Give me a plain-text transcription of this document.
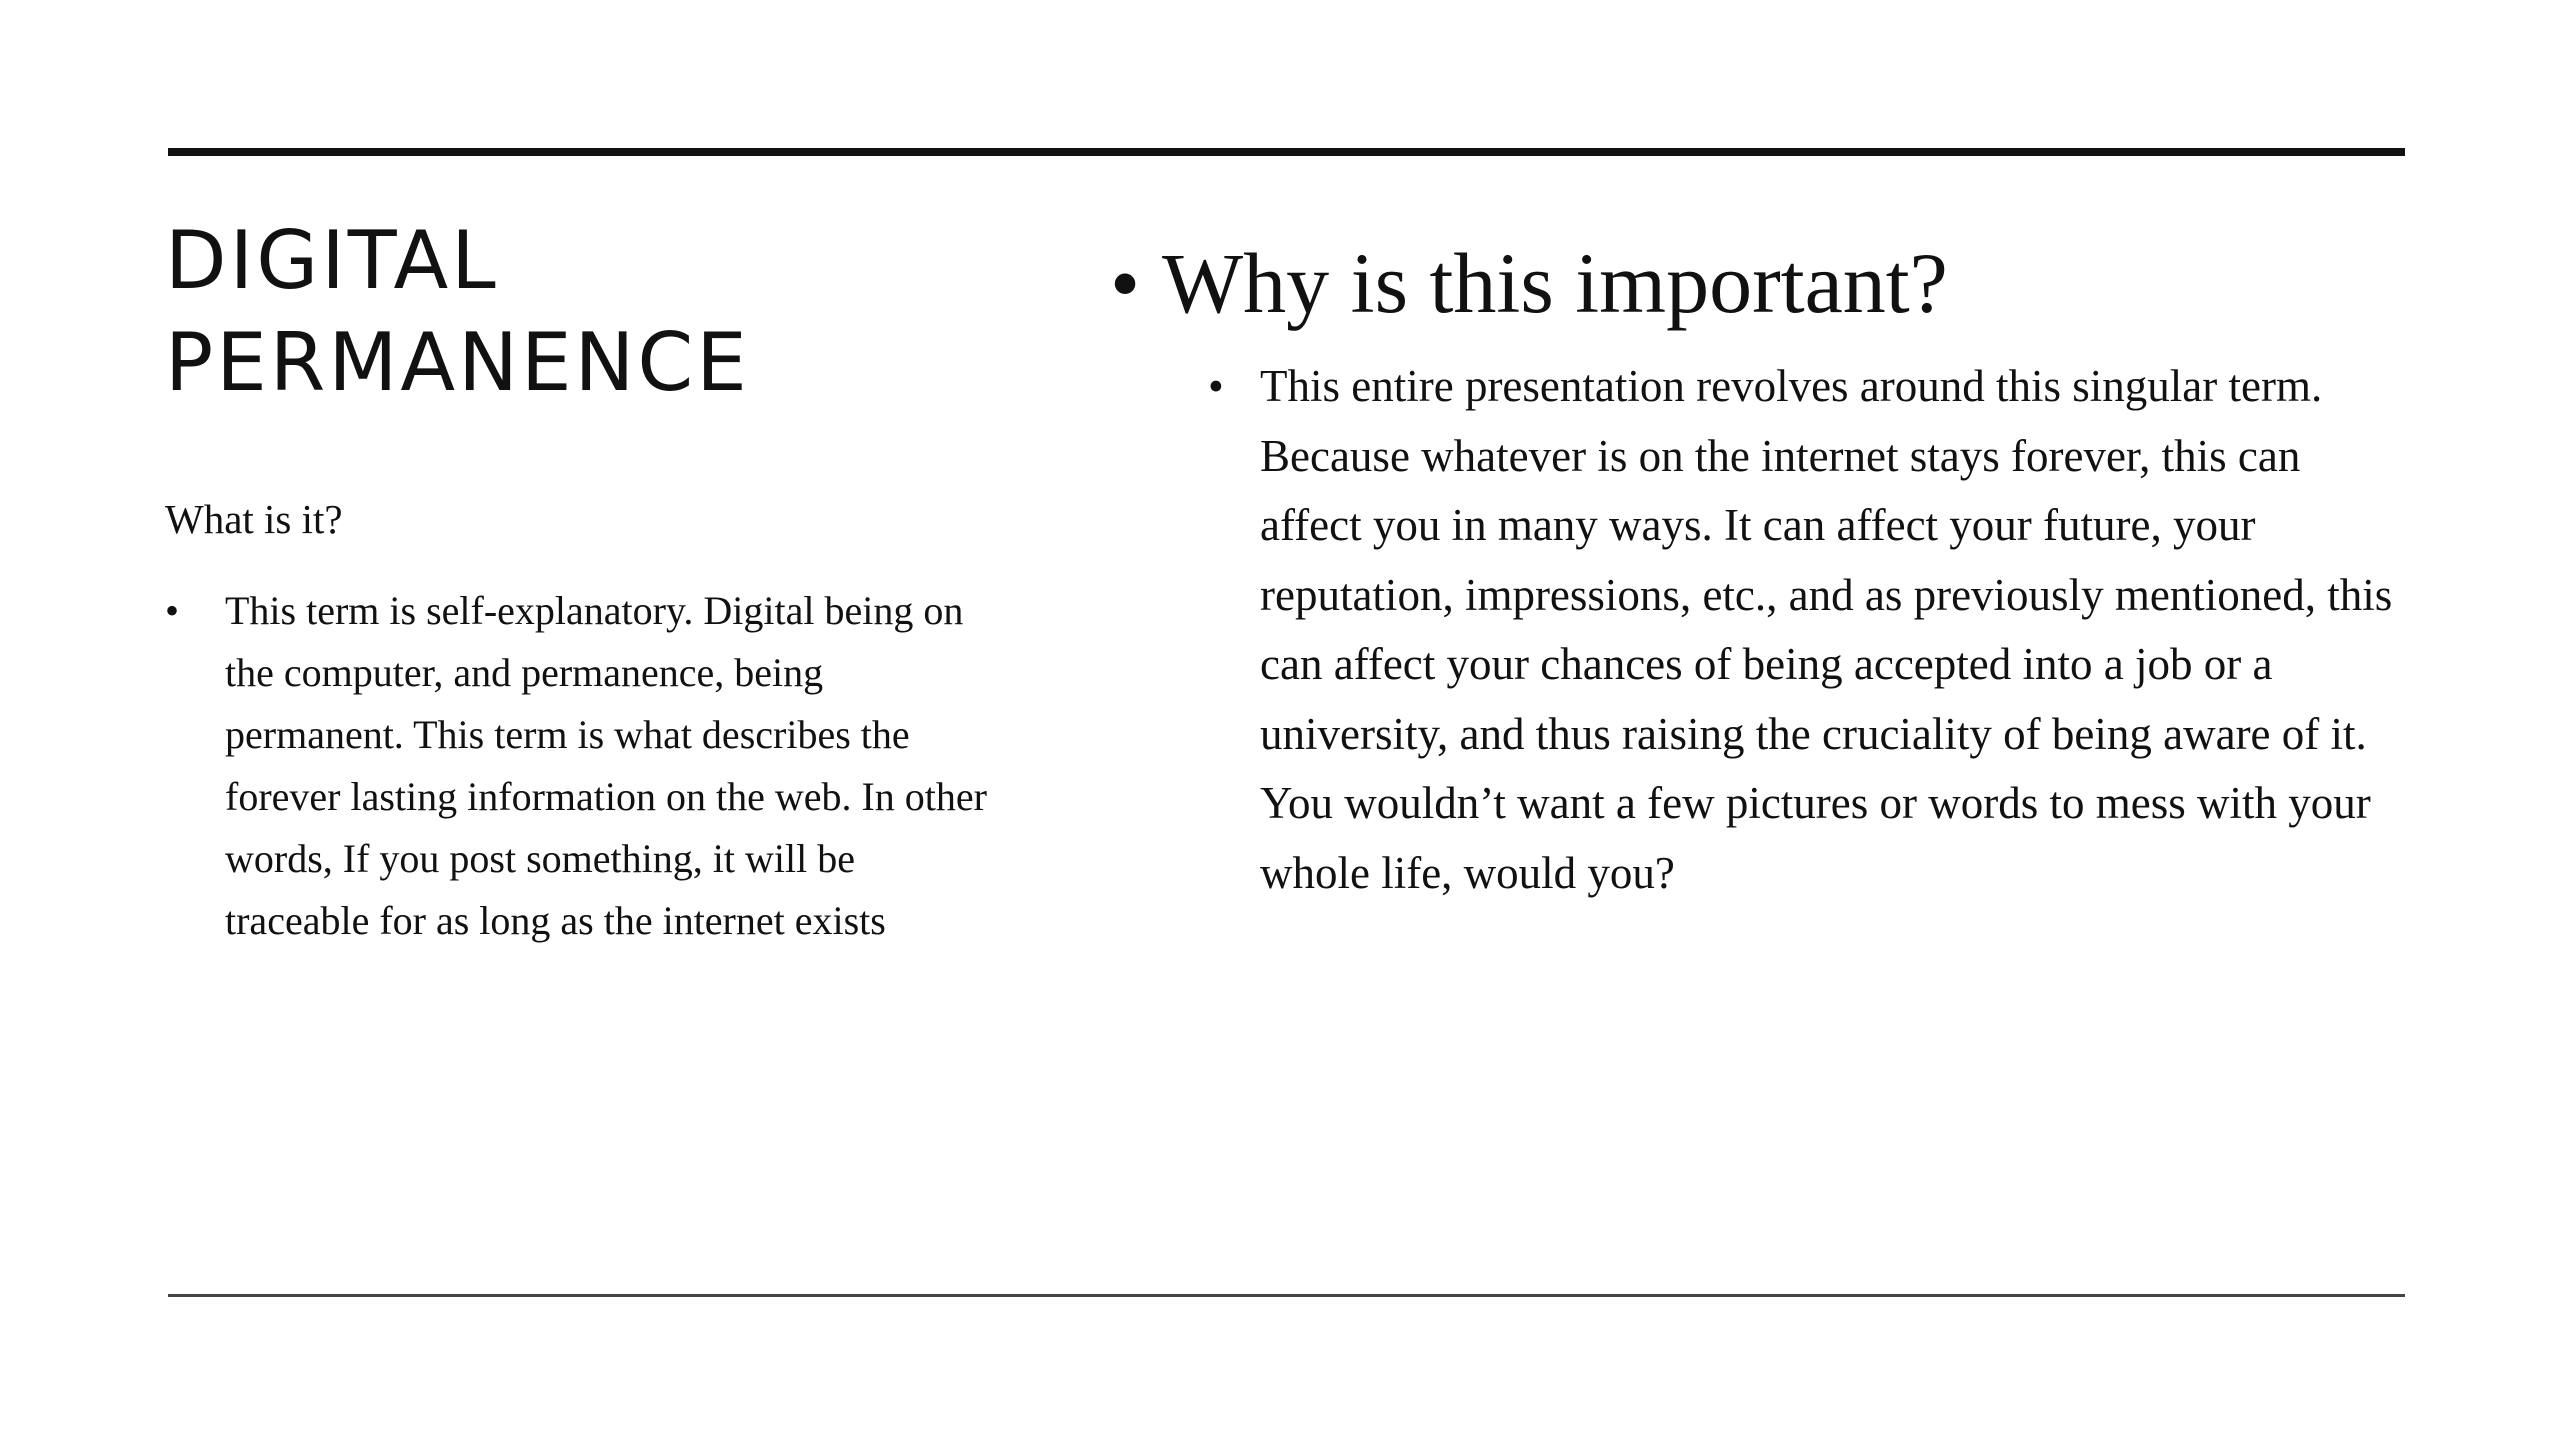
DIGITAL
PERMANENCE
What is it?
• This term is self-explanatory. Digital being on the computer, and permanence, being permanent. This term is what describes the forever lasting information on the web. In other words, If you post something, it will be traceable for as long as the internet exists
• Why is this important?
• This entire presentation revolves around this singular term. Because whatever is on the internet stays forever, this can affect you in many ways. It can affect your future, your reputation, impressions, etc., and as previously mentioned, this can affect your chances of being accepted into a job or a university, and thus raising the cruciality of being aware of it. You wouldn’t want a few pictures or words to mess with your whole life, would you?
